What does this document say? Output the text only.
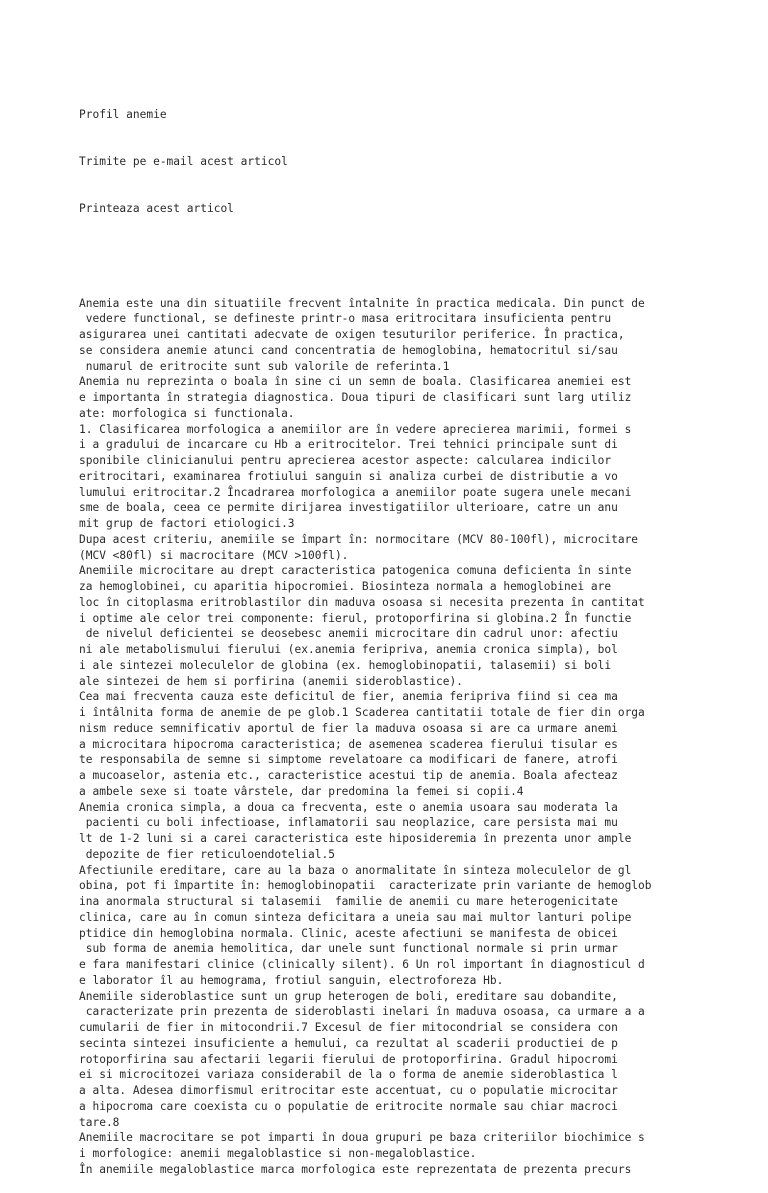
Profil anemie

Trimite pe e-mail acest articol

Printeaza acest articol

Anemia este una din situatiile frecvent întalnite în practica medicala. Din punct de
vedere functional, se defineste printr-o masa eritrocitara insuficienta pentru
asigurarea unei cantitati adecvate de oxigen tesuturilor periferice. În practica,
se considera anemie atunci cand concentratia de hemoglobina, hematocritul si/sau
numarul de eritrocite sunt sub valorile de referinta.1
Anemia nu reprezinta o boala în sine ci un semn de boala. Clasificarea anemiei est
e importanta în strategia diagnostica. Doua tipuri de clasificari sunt larg utiliz
ate: morfologica si functionala.
1. Clasificarea morfologica a anemiilor are în vedere aprecierea marimii, formei s
i a gradului de incarcare cu Hb a eritrocitelor. Trei tehnici principale sunt di
sponibile clinicianului pentru aprecierea acestor aspecte: calcularea indicilor
eritrocitari, examinarea frotiului sanguin si analiza curbei de distributie a vo
lumului eritrocitar.2 Încadrarea morfologica a anemiilor poate sugera unele mecani
sme de boala, ceea ce permite dirijarea investigatiilor ulterioare, catre un anu
mit grup de factori etiologici.3
Dupa acest criteriu, anemiile se împart în: normocitare (MCV 80-100fl), microcitare
(MCV <80fl) si macrocitare (MCV >100fl).
Anemiile microcitare au drept caracteristica patogenica comuna deficienta în sinte
za hemoglobinei, cu aparitia hipocromiei. Biosinteza normala a hemoglobinei are
loc în citoplasma eritroblastilor din maduva osoasa si necesita prezenta în cantitat
i optime ale celor trei componente: fierul, protoporfirina si globina.2 În functie
de nivelul deficientei se deosebesc anemii microcitare din cadrul unor: afectiu
ni ale metabolismului fierului (ex.anemia feripriva, anemia cronica simpla), bol
i ale sintezei moleculelor de globina (ex. hemoglobinopatii, talasemii) si boli
ale sintezei de hem si porfirina (anemii sideroblastice).
Cea mai frecventa cauza este deficitul de fier, anemia feripriva fiind si cea ma
i întâlnita forma de anemie de pe glob.1 Scaderea cantitatii totale de fier din orga
nism reduce semnificativ aportul de fier la maduva osoasa si are ca urmare anemi
a microcitara hipocroma caracteristica; de asemenea scaderea fierului tisular es
te responsabila de semne si simptome revelatoare ca modificari de fanere, atrofi
a mucoaselor, astenia etc., caracteristice acestui tip de anemia. Boala afecteaz
a ambele sexe si toate vârstele, dar predomina la femei si copii.4
Anemia cronica simpla, a doua ca frecventa, este o anemia usoara sau moderata la
pacienti cu boli infectioase, inflamatorii sau neoplazice, care persista mai mu
lt de 1-2 luni si a carei caracteristica este hiposideremia în prezenta unor ample
depozite de fier reticuloendotelial.5
Afectiunile ereditare, care au la baza o anormalitate în sinteza moleculelor de gl
obina, pot fi împartite în: hemoglobinopatii  caracterizate prin variante de hemoglob
ina anormala structural si talasemii  familie de anemii cu mare heterogenicitate
clinica, care au în comun sinteza deficitara a uneia sau mai multor lanturi polipe
ptidice din hemoglobina normala. Clinic, aceste afectiuni se manifesta de obicei
sub forma de anemia hemolitica, dar unele sunt functional normale si prin urmar
e fara manifestari clinice (clinically silent). 6 Un rol important în diagnosticul d
e laborator îl au hemograma, frotiul sanguin, electroforeza Hb.
Anemiile sideroblastice sunt un grup heterogen de boli, ereditare sau dobandite,
caracterizate prin prezenta de sideroblasti inelari în maduva osoasa, ca urmare a a
cumularii de fier in mitocondrii.7 Excesul de fier mitocondrial se considera con
secinta sintezei insuficiente a hemului, ca rezultat al scaderii productiei de p
rotoporfirina sau afectarii legarii fierului de protoporfirina. Gradul hipocromi
ei si microcitozei variaza considerabil de la o forma de anemie sideroblastica l
a alta. Adesea dimorfismul eritrocitar este accentuat, cu o populatie microcitar
a hipocroma care coexista cu o populatie de eritrocite normale sau chiar macroci
tare.8
Anemiile macrocitare se pot imparti în doua grupuri pe baza criteriilor biochimice s
i morfologice: anemii megaloblastice si non-megaloblastice.
În anemiile megaloblastice marca morfologica este reprezentata de prezenta precurs
